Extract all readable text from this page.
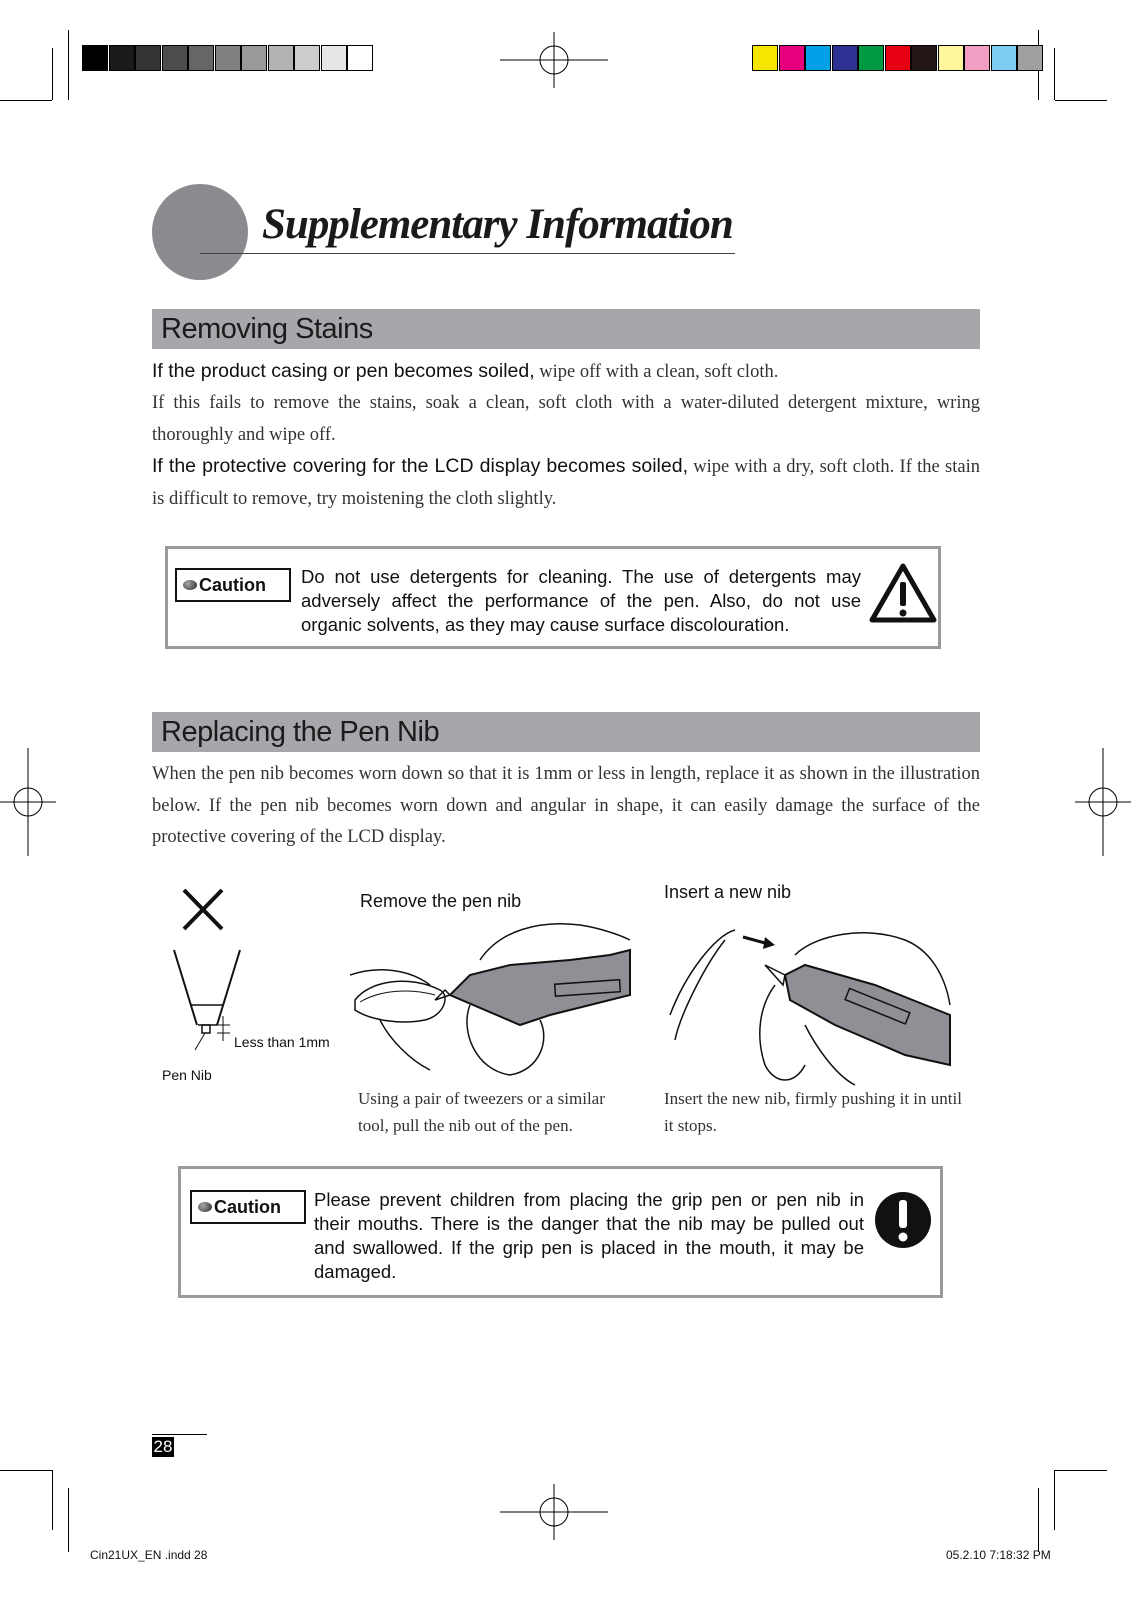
Supplementary Information
Removing Stains
If the product casing or pen becomes soiled, wipe off with a clean, soft cloth.
If this fails to remove the stains, soak a clean, soft cloth with a water-diluted detergent mixture, wring thoroughly and wipe off.
If the protective covering for the LCD display becomes soiled, wipe with a dry, soft cloth. If the stain is difficult to remove, try moistening the cloth slightly.
Caution Do not use detergents for cleaning. The use of detergents may adversely affect the performance of the pen. Also, do not use organic solvents, as they may cause surface discolouration.
Replacing the Pen Nib
When the pen nib becomes worn down so that it is 1mm or less in length, replace it as shown in the illustration below. If the pen nib becomes worn down and angular in shape, it can easily damage the surface of the protective covering of the LCD display.
Less than 1mm
Pen Nib
Remove the pen nib
Using a pair of tweezers or a similar tool, pull the nib out of the pen.
Insert a new nib
Insert the new nib, firmly pushing it in until it stops.
Caution Please prevent children from placing the grip pen or pen nib in their mouths. There is the danger that the nib may be pulled out and swallowed. If the grip pen is placed in the mouth, it may be damaged.
28
Cin21UX_EN .indd 28	05.2.10 7:18:32 PM
